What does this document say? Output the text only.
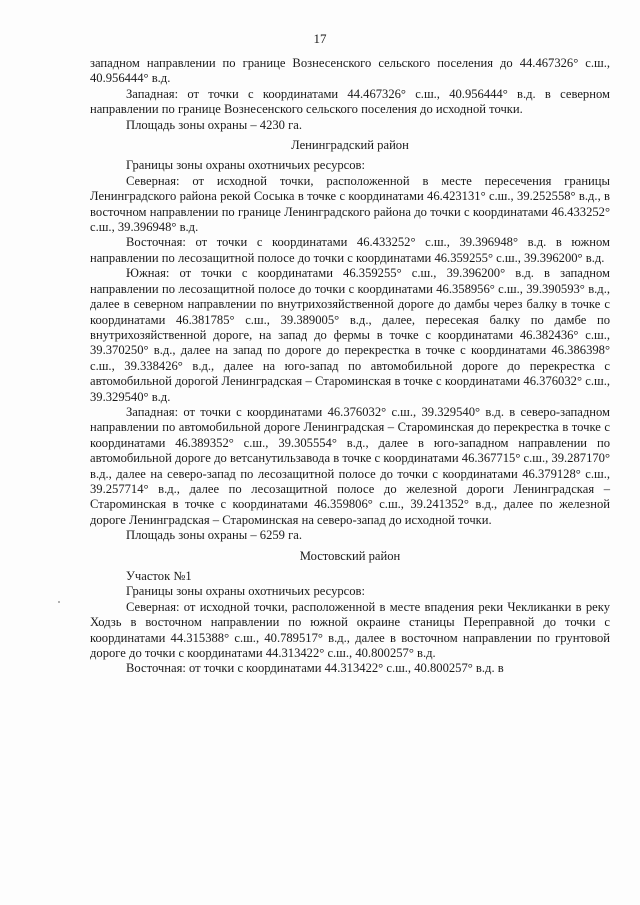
17

западном направлении по границе Вознесенского сельского поселения до 44.467326° с.ш., 40.956444° в.д.

Западная: от точки с координатами 44.467326° с.ш., 40.956444° в.д. в северном направлении по границе Вознесенского сельского поселения до исходной точки.

Площадь зоны охраны – 4230 га.

Ленинградский район

Границы зоны охраны охотничьих ресурсов:

Северная: от исходной точки, расположенной в месте пересечения границы Ленинградского района рекой Сосыка в точке с координатами 46.423131° с.ш., 39.252558° в.д., в восточном направлении по границе Ленинградского района до точки с координатами 46.433252° с.ш., 39.396948° в.д.

Восточная: от точки с координатами 46.433252° с.ш., 39.396948° в.д. в южном направлении по лесозащитной полосе до точки с координатами 46.359255° с.ш., 39.396200° в.д.

Южная: от точки с координатами 46.359255° с.ш., 39.396200° в.д. в западном направлении по лесозащитной полосе до точки с координатами 46.358956° с.ш., 39.390593° в.д., далее в северном направлении по внутрихозяйственной дороге до дамбы через балку в точке с координатами 46.381785° с.ш., 39.389005° в.д., далее, пересекая балку по дамбе по внутрихозяйственной дороге, на запад до фермы в точке с координатами 46.382436° с.ш., 39.370250° в.д., далее на запад по дороге до перекрестка в точке с координатами 46.386398° с.ш., 39.338426° в.д., далее на юго-запад по автомобильной дороге до перекрестка с автомобильной дорогой Ленинградская – Староминская в точке с координатами 46.376032° с.ш., 39.329540° в.д.

Западная: от точки с координатами 46.376032° с.ш., 39.329540° в.д. в северо-западном направлении по автомобильной дороге Ленинградская – Староминская до перекрестка в точке с координатами 46.389352° с.ш., 39.305554° в.д., далее в юго-западном направлении по автомобильной дороге до ветсанутильзавода в точке с координатами 46.367715° с.ш., 39.287170° в.д., далее на северо-запад по лесозащитной полосе до точки с координатами 46.379128° с.ш., 39.257714° в.д., далее по лесозащитной полосе до железной дороги Ленинградская – Староминская в точке с координатами 46.359806° с.ш., 39.241352° в.д., далее по железной дороге Ленинградская – Староминская на северо-запад до исходной точки.

Площадь зоны охраны – 6259 га.

Мостовский район

Участок №1

Границы зоны охраны охотничьих ресурсов:

Северная: от исходной точки, расположенной в месте впадения реки Чекликанки в реку Ходзь в восточном направлении по южной окраине станицы Переправной до точки с координатами 44.315388° с.ш., 40.789517° в.д., далее в восточном направлении по грунтовой дороге до точки с координатами 44.313422° с.ш., 40.800257° в.д.

Восточная: от точки с координатами 44.313422° с.ш., 40.800257° в.д. в
